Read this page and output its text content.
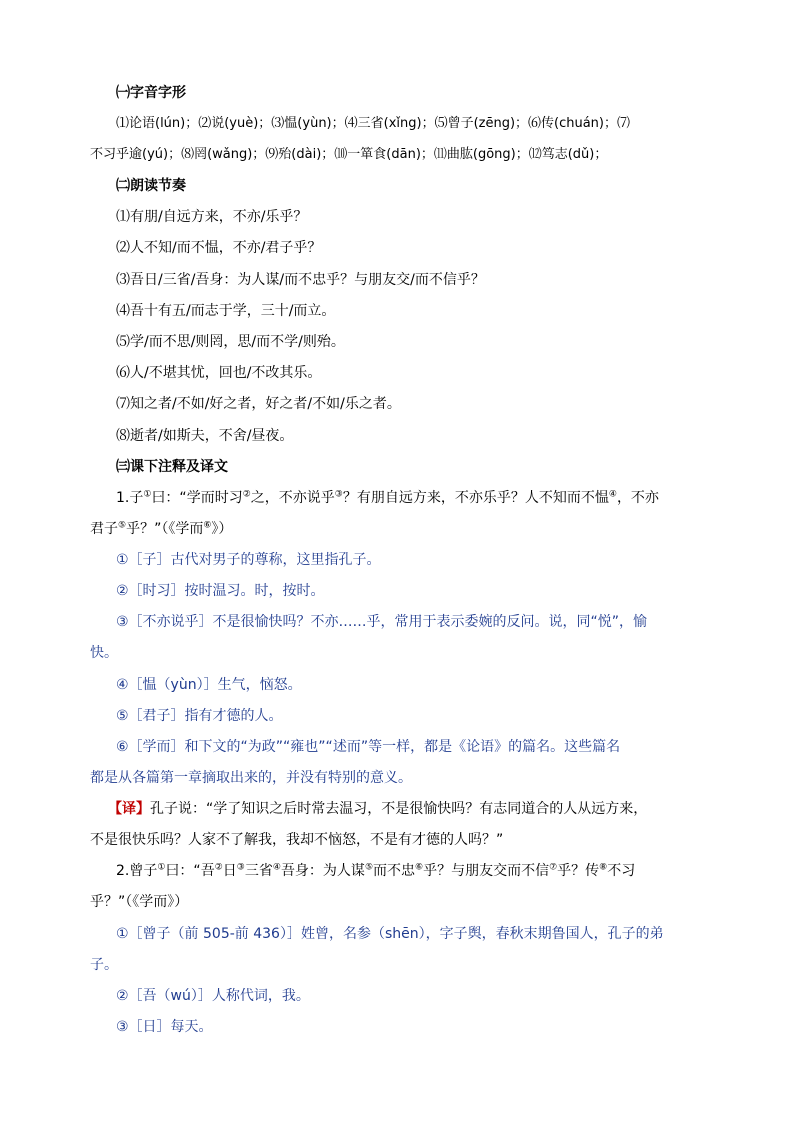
㈠字音字形
⑴论语(lún)；⑵说(yuè)；⑶愠(yùn)；⑷三省(xǐng)；⑸曾子(zēng)；⑹传(chuán)；⑺
不习乎逾(yú)；⑻罔(wǎng)；⑼殆(dài)；⑽一箪食(dān)；⑾曲肱(gōng)；⑿笃志(dǔ)；
㈡朗读节奏
⑴有朋/自远方来，不亦/乐乎？
⑵人不知/而不愠，不亦/君子乎？
⑶吾日/三省/吾身：为人谋/而不忠乎？与朋友交/而不信乎？
⑷吾十有五/而志于学，三十/而立。
⑸学/而不思/则罔，思/而不学/则殆。
⑹人/不堪其忧，回也/不改其乐。
⑺知之者/不如/好之者，好之者/不如/乐之者。
⑻逝者/如斯夫，不舍/昼夜。
㈢课下注释及译文
1.子①曰：“学而时习②之，不亦说乎③？有朋自远方来，不亦乐乎？人不知而不愠④，不亦
君子⑤乎？”（《学而⑥》）
①［子］古代对男子的尊称，这里指孔子。
②［时习］按时温习。时，按时。
③［不亦说乎］不是很愉快吗？不亦……乎，常用于表示委婉的反问。说，同“悦”，愉
快。
④［愠（yùn）］生气，恼怒。
⑤［君子］指有才德的人。
⑥［学而］和下文的“为政”“雍也”“述而”等一样，都是《论语》的篇名。这些篇名
都是从各篇第一章摘取出来的，并没有特别的意义。
【译】孔子说：“学了知识之后时常去温习，不是很愉快吗？有志同道合的人从远方来，
不是很快乐吗？人家不了解我，我却不恼怒，不是有才德的人吗？”
2.曾子①曰：“吾②日③三省④吾身：为人谋⑤而不忠⑥乎？与朋友交而不信⑦乎？传⑧不习
乎？”（《学而》）
①［曾子（前 505-前 436）］姓曾，名参（shēn），字子舆，春秋末期鲁国人，孔子的弟
子。
②［吾（wú）］人称代词，我。
③［日］每天。
